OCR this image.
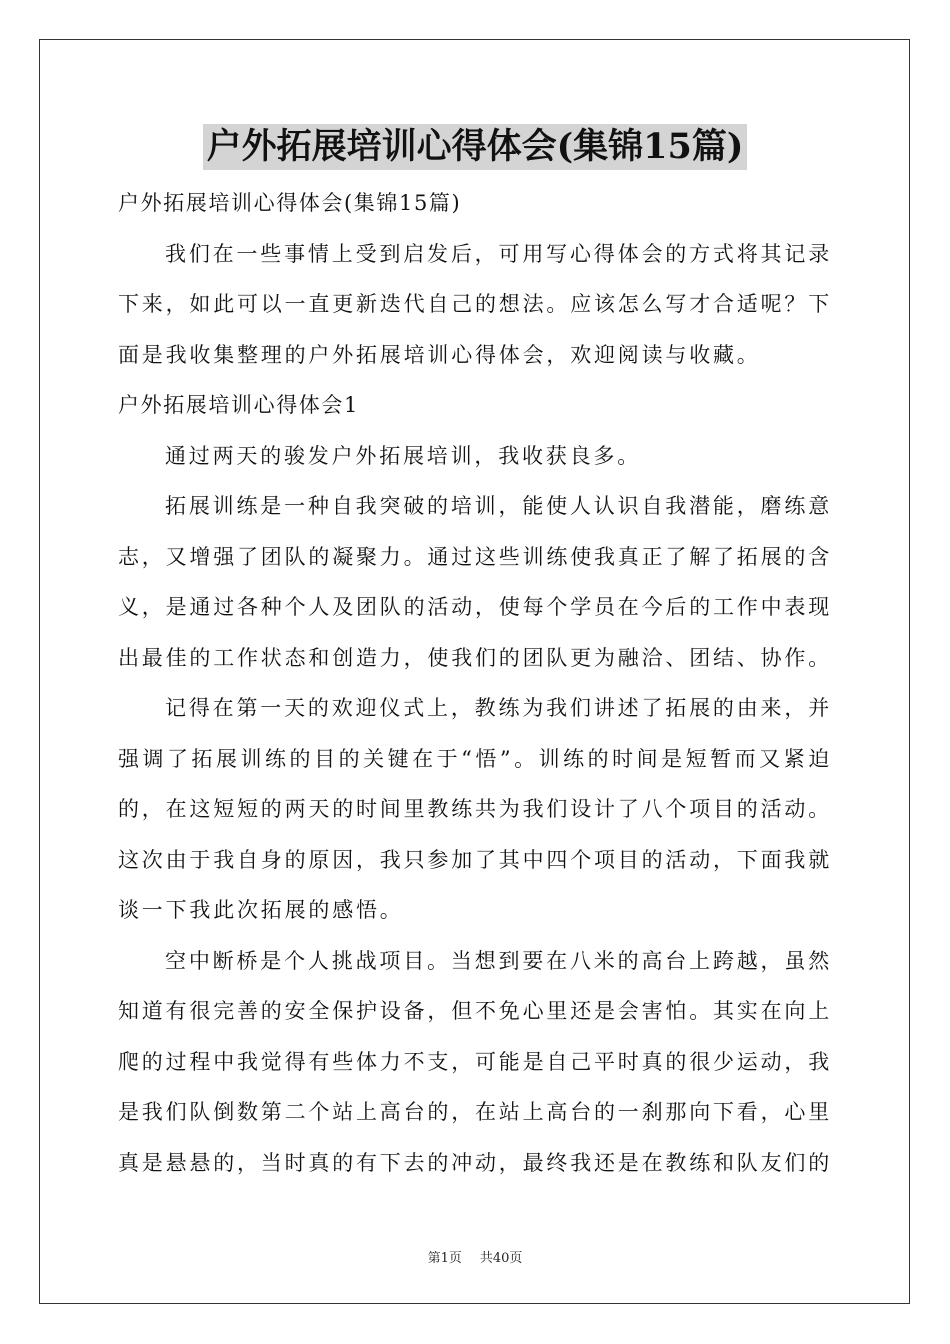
户外拓展培训心得体会(集锦15篇)
户外拓展培训心得体会(集锦15篇)

我们在一些事情上受到启发后，可用写心得体会的方式将其记录下来，如此可以一直更新迭代自己的想法。应该怎么写才合适呢？下面是我收集整理的户外拓展培训心得体会，欢迎阅读与收藏。

户外拓展培训心得体会1

通过两天的骏发户外拓展培训，我收获良多。

拓展训练是一种自我突破的培训，能使人认识自我潜能，磨练意志，又增强了团队的凝聚力。通过这些训练使我真正了解了拓展的含义，是通过各种个人及团队的活动，使每个学员在今后的工作中表现出最佳的工作状态和创造力，使我们的团队更为融洽、团结、协作。

记得在第一天的欢迎仪式上，教练为我们讲述了拓展的由来，并强调了拓展训练的目的关键在于“悟”。训练的时间是短暂而又紧迫的，在这短短的两天的时间里教练共为我们设计了八个项目的活动。这次由于我自身的原因，我只参加了其中四个项目的活动，下面我就谈一下我此次拓展的感悟。

空中断桥是个人挑战项目。当想到要在八米的高台上跨越，虽然知道有很完善的安全保护设备，但不免心里还是会害怕。其实在向上爬的过程中我觉得有些体力不支，可能是自己平时真的很少运动，我是我们队倒数第二个站上高台的，在站上高台的一刹那向下看，心里真是悬悬的，当时真的有下去的冲动，最终我还是在教练和队友们的

第1页 共40页
